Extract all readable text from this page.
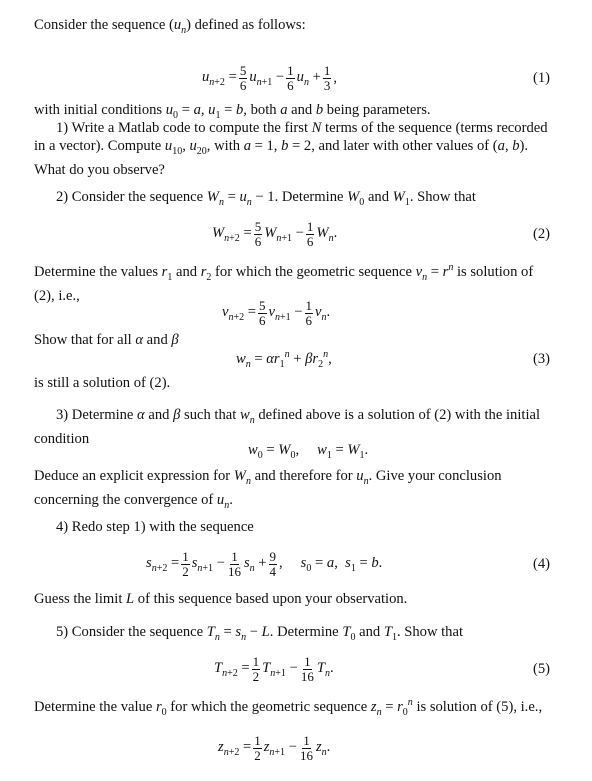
Consider the sequence $(u_n)$ defined as follows:

$u_{n+2} = \frac{5}{6} u_{n+1} - \frac{1}{6} u_n + \frac{1}{3}$ ,	(1)

with initial conditions $u_0 = a$, $u_1 = b$, both a and b being parameters.

1) Write a Matlab code to compute the first N terms of the sequence (terms recorded in a vector). Compute $u_{10}$, $u_{20}$, with a = 1, b = 2, and later with other values of (a, b). What do you observe?

2) Consider the sequence $W_n = u_n - 1$. Determine $W_0$ and $W_1$. Show that

$W_{n+2} = \frac{5}{6} W_{n+1} - \frac{1}{6} W_n$.	(2)

Determine the values $r_1$ and $r_2$ for which the geometric sequence $v_n = r^n$ is solution of (2), i.e.,

$v_{n+2} = \frac{5}{6} v_{n+1} - \frac{1}{6} v_n$.

Show that for all α and β

$w_n = \alpha r_1^n + \beta r_2^n$,	(3)

is still a solution of (2).

3) Determine α and β such that $w_n$ defined above is a solution of (2) with the initial condition

$w_0 = W_0$, $w_1 = W_1$.

Deduce an explicit expression for $W_n$ and therefore for $u_n$. Give your conclusion concerning the convergence of $u_n$.

4) Redo step 1) with the sequence

$s_{n+2} = \frac{1}{2} s_{n+1} - \frac{1}{16} s_n + \frac{9}{4}$ , $s_0 = a$,  $s_1 = b$.	(4)

Guess the limit L of this sequence based upon your observation.

5) Consider the sequence $T_n = s_n - L$. Determine $T_0$ and $T_1$. Show that

$T_{n+2} = \frac{1}{2} T_{n+1} - \frac{1}{16} T_n$.	(5)

Determine the value $r_0$ for which the geometric sequence $z_n = r_0^n$ is solution of (5), i.e.,

$z_{n+2} = \frac{1}{2} z_{n+1} - \frac{1}{16} z_n$.
